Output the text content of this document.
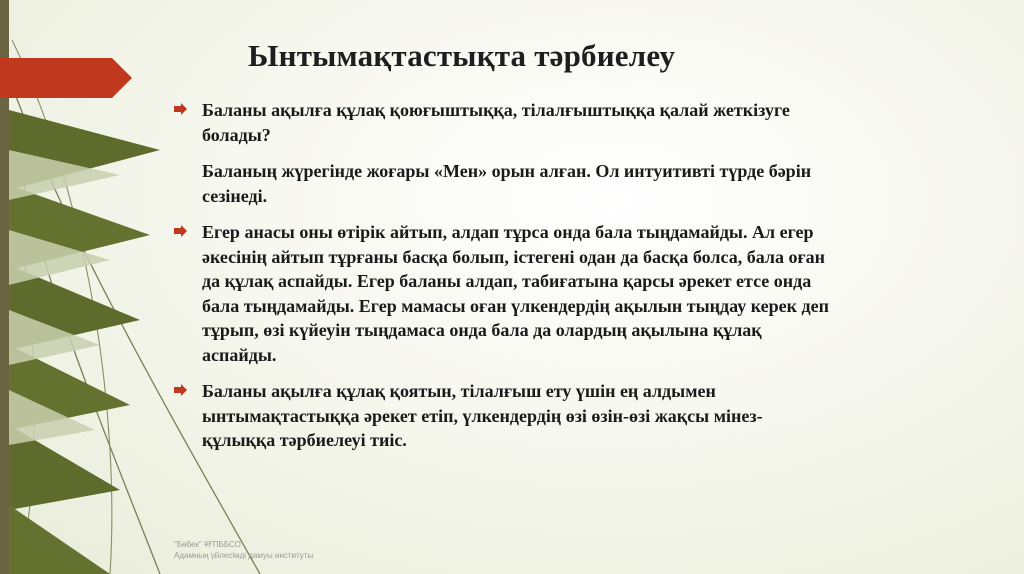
Ынтымақтастықта тәрбиелеу

Баланы ақылға құлақ қоюғыштыққа, тілалғыштыққа қалай жеткізуге болады?

Баланың жүрегінде жоғары «Мен» орын алған. Ол интуитивті түрде бәрін сезінеді.

Егер анасы оны өтірік айтып, алдап тұрса онда бала тыңдамайды. Ал егер әкесінің айтып тұрғаны басқа болып, істегені одан да басқа болса, бала оған да құлақ аспайды. Егер баланы алдап, табиғатына қарсы әрекет етсе онда бала тыңдамайды. Егер мамасы оған үлкендердің ақылын тыңдау керек деп тұрып, өзі күйеуін тыңдамаса онда бала да олардың ақылына құлақ аспайды.

Баланы ақылға құлақ қоятын, тілалғыш ету үшін ең алдымен ынтымақтастыққа әрекет етіп, үлкендердің өзі өзін-өзі жақсы мінез-құлыққа тәрбиелеуі тиіс.

"Бөбек" ҰҒПББСО
Адамның үйлесімді дамуы институты
